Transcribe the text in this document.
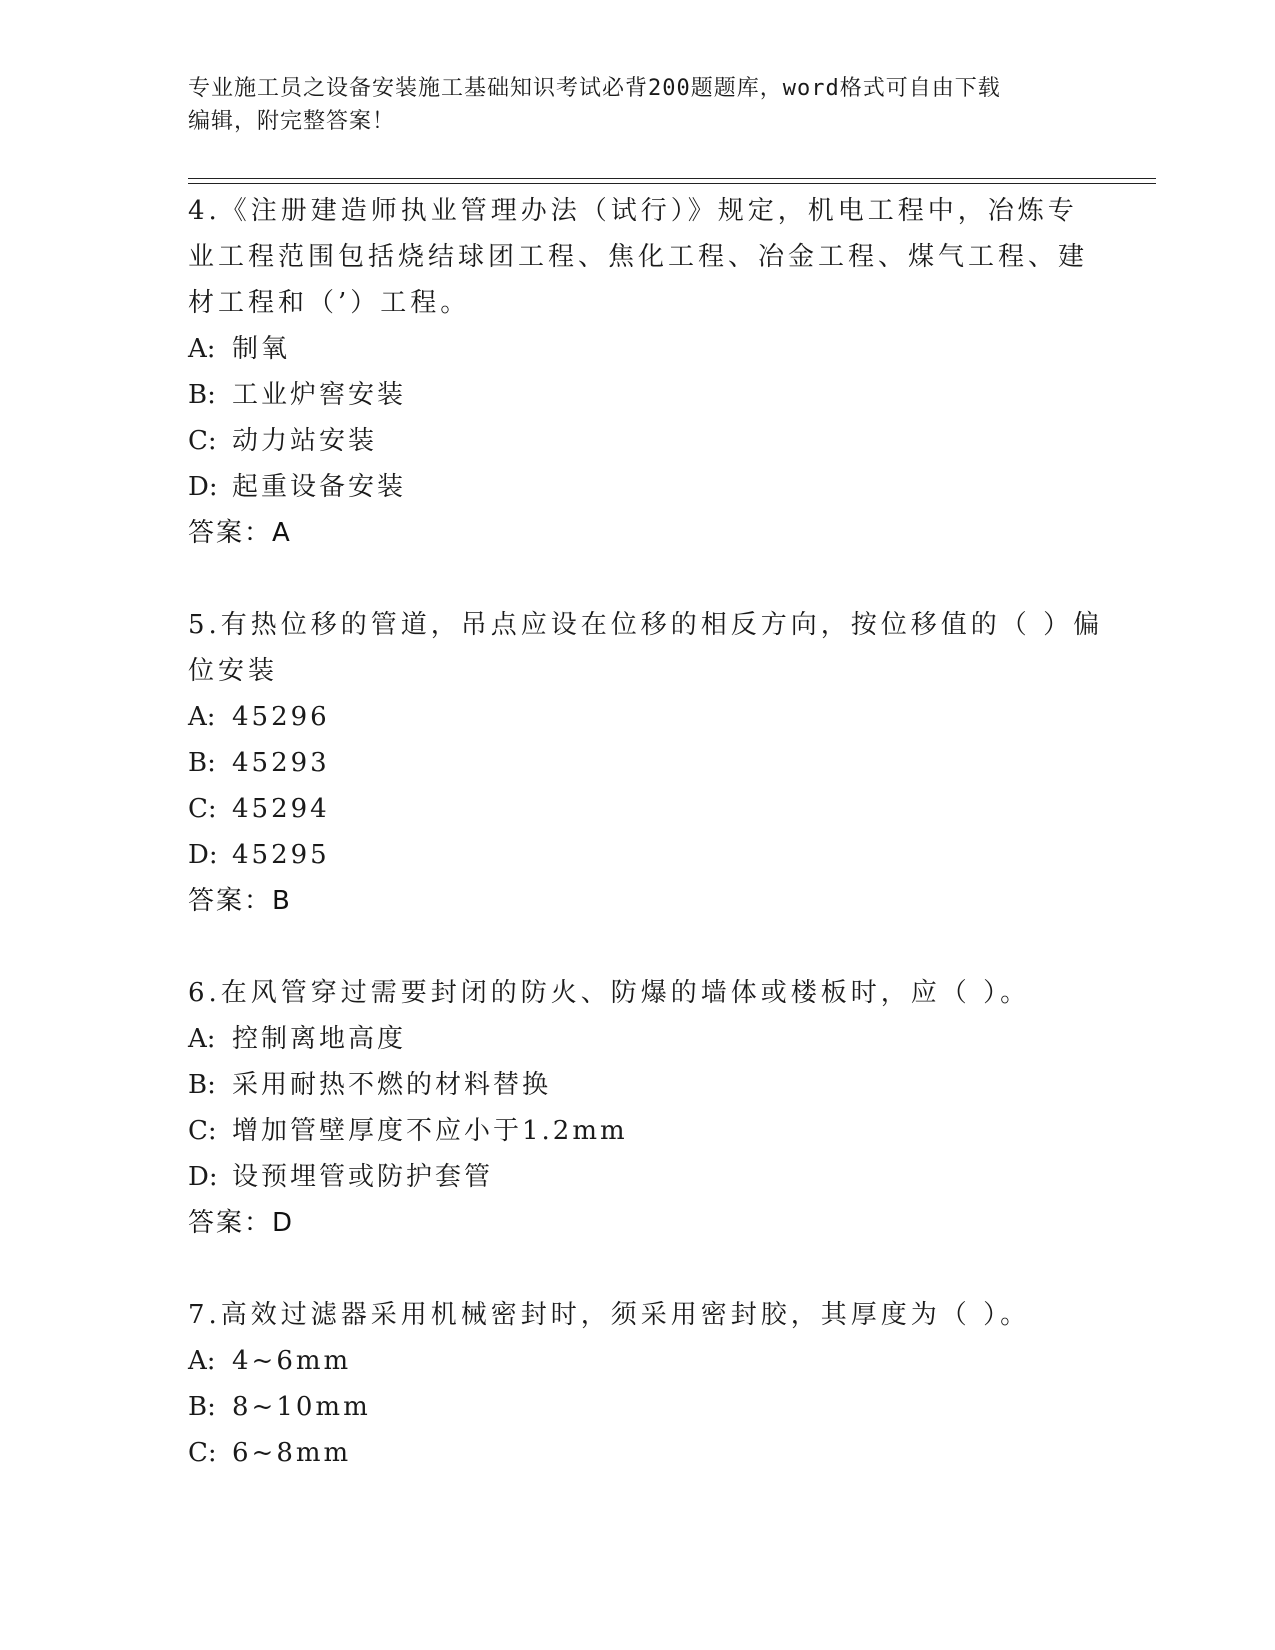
专业施工员之设备安装施工基础知识考试必背200题题库，word格式可自由下载
编辑，附完整答案！
4.《注册建造师执业管理办法（试行）》规定，机电工程中，冶炼专
业工程范围包括烧结球团工程、焦化工程、冶金工程、煤气工程、建
材工程和（’）工程。
A: 制氧
B: 工业炉窖安装
C: 动力站安装
D: 起重设备安装
答案：A
5.有热位移的管道，吊点应设在位移的相反方向，按位移值的（ ）偏
位安装
A: 45296
B: 45293
C: 45294
D: 45295
答案：B
6.在风管穿过需要封闭的防火、防爆的墙体或楼板时，应（ ）。
A: 控制离地高度
B: 采用耐热不燃的材料替换
C: 增加管壁厚度不应小于1.2mm
D: 设预埋管或防护套管
答案：D
7.高效过滤器采用机械密封时，须采用密封胶，其厚度为（ ）。
A: 4~6mm
B: 8~10mm
C: 6~8mm
